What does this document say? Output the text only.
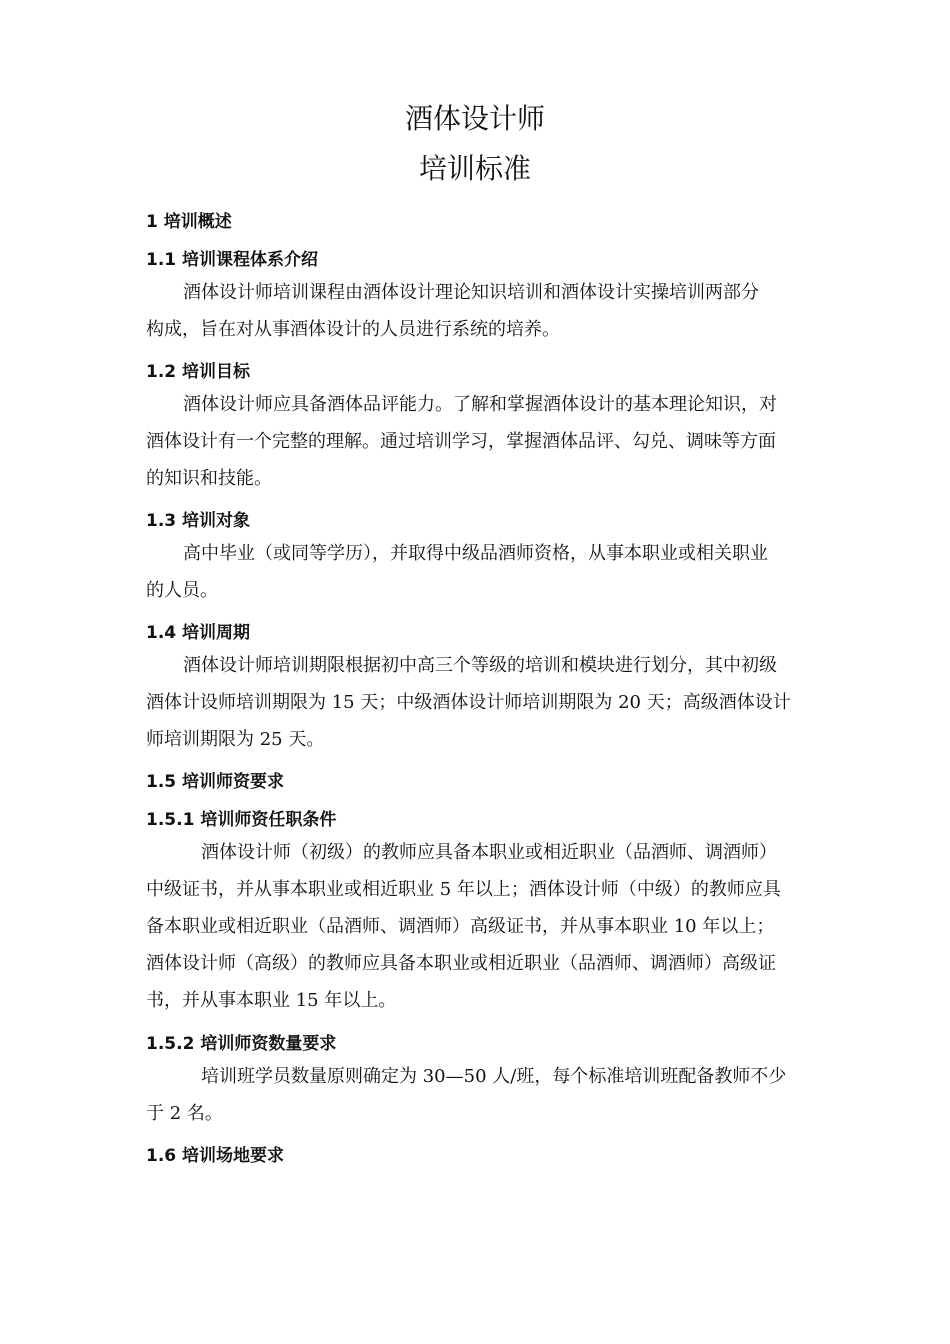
酒体设计师
培训标准
1 培训概述
1.1 培训课程体系介绍
酒体设计师培训课程由酒体设计理论知识培训和酒体设计实操培训两部分
构成，旨在对从事酒体设计的人员进行系统的培养。
1.2 培训目标
酒体设计师应具备酒体品评能力。了解和掌握酒体设计的基本理论知识，对
酒体设计有一个完整的理解。通过培训学习，掌握酒体品评、勾兑、调味等方面
的知识和技能。
1.3 培训对象
高中毕业（或同等学历），并取得中级品酒师资格，从事本职业或相关职业
的人员。
1.4 培训周期
酒体设计师培训期限根据初中高三个等级的培训和模块进行划分，其中初级
酒体计设师培训期限为 15 天；中级酒体设计师培训期限为 20 天；高级酒体设计
师培训期限为 25 天。
1.5 培训师资要求
1.5.1 培训师资任职条件
酒体设计师（初级）的教师应具备本职业或相近职业（品酒师、调酒师）
中级证书，并从事本职业或相近职业 5 年以上；酒体设计师（中级）的教师应具
备本职业或相近职业（品酒师、调酒师）高级证书，并从事本职业 10 年以上；
酒体设计师（高级）的教师应具备本职业或相近职业（品酒师、调酒师）高级证
书，并从事本职业 15 年以上。
1.5.2 培训师资数量要求
培训班学员数量原则确定为 30—50 人/班，每个标准培训班配备教师不少
于 2 名。
1.6 培训场地要求
